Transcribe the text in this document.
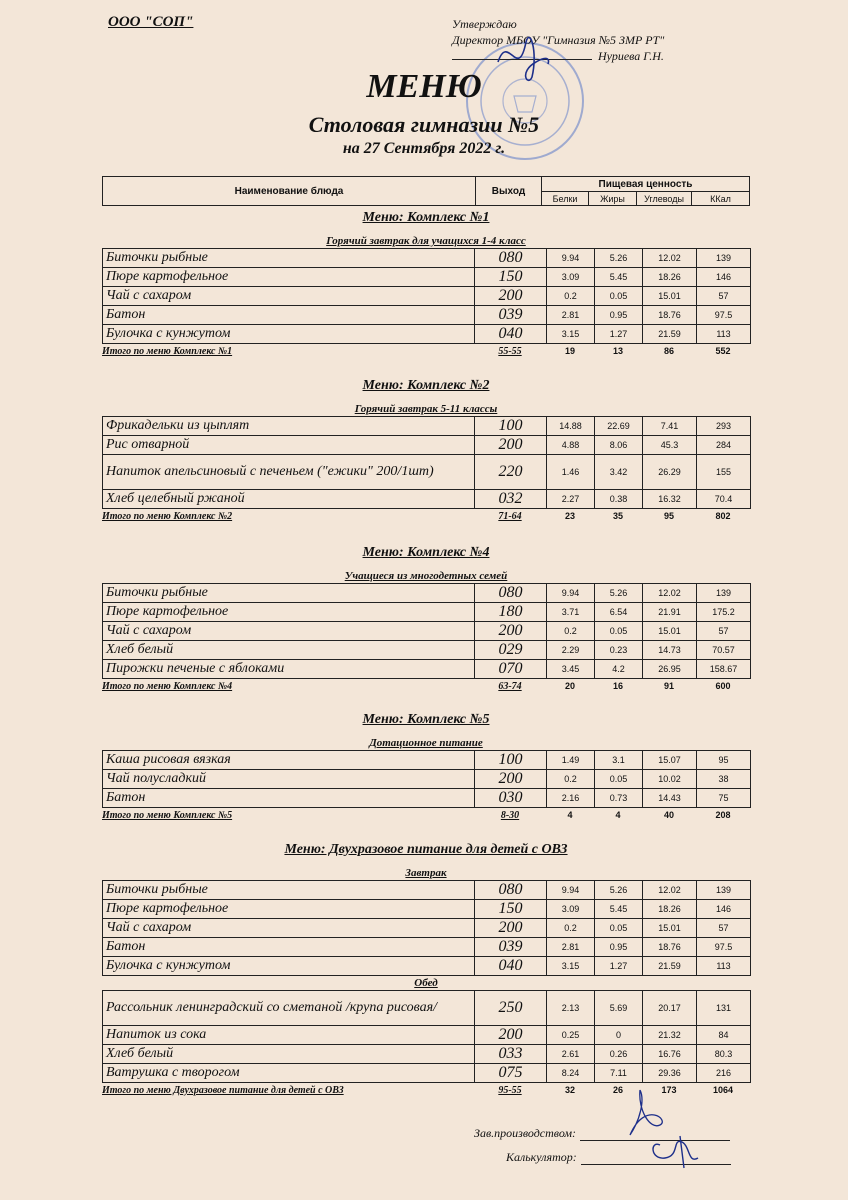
ООО "СОП"	Утверждаю
Директор МБОУ "Гимназия №5 ЗМР РТ"
Нуриева Г.Н.
МЕНЮ
Столовая гимназии №5
на 27 Сентября 2022 г.
Наименование блюда	Выход
Пищевая ценность
Белки	Жиры	Углеводы	ККал
Меню: Комплекс №1
Горячий завтрак для учащихся 1-4 класс
Биточки рыбные	080	9.94	5.26	12.02	139
Пюре картофельное	150	3.09	5.45	18.26	146
Чай с сахаром	200	0.2	0.05	15.01	57
Батон	039	2.81	0.95	18.76	97.5
Булочка с кунжутом	040	3.15	1.27	21.59	113
Итого по меню Комплекс №1	55-55	19	13	86	552
Меню: Комплекс №2
Горячий завтрак 5-11 классы
Фрикадельки из цыплят	100	14.88	22.69	7.41	293
Рис отварной	200	4.88	8.06	45.3	284
Напиток апельсиновый с печеньем ("ежики" 200/1шт)	220	1.46	3.42	26.29	155
Хлеб целебный ржаной	032	2.27	0.38	16.32	70.4
Итого по меню Комплекс №2	71-64	23	35	95	802
Меню: Комплекс №4
Учащиеся из многодетных семей
Биточки рыбные	080	9.94	5.26	12.02	139
Пюре картофельное	180	3.71	6.54	21.91	175.2
Чай с сахаром	200	0.2	0.05	15.01	57
Хлеб белый	029	2.29	0.23	14.73	70.57
Пирожки печеные с яблоками	070	3.45	4.2	26.95	158.67
Итого по меню Комплекс №4	63-74	20	16	91	600
Меню: Комплекс №5
Дотационное питание
Каша рисовая вязкая	100	1.49	3.1	15.07	95
Чай полусладкий	200	0.2	0.05	10.02	38
Батон	030	2.16	0.73	14.43	75
Итого по меню Комплекс №5	8-30	4	4	40	208
Меню: Двухразовое питание для детей с ОВЗ
Завтрак
Биточки рыбные	080	9.94	5.26	12.02	139
Пюре картофельное	150	3.09	5.45	18.26	146
Чай с сахаром	200	0.2	0.05	15.01	57
Батон	039	2.81	0.95	18.76	97.5
Булочка с кунжутом	040	3.15	1.27	21.59	113
Обед
Рассольник ленинградский со сметаной /крупа рисовая/	250	2.13	5.69	20.17	131
Напиток из сока	200	0.25	0	21.32	84
Хлеб белый	033	2.61	0.26	16.76	80.3
Ватрушка с творогом	075	8.24	7.11	29.36	216
Итого по меню Двухразовое питание для детей с ОВЗ	95-55	32	26	173	1064
Зав.производством:
Калькулятор:
